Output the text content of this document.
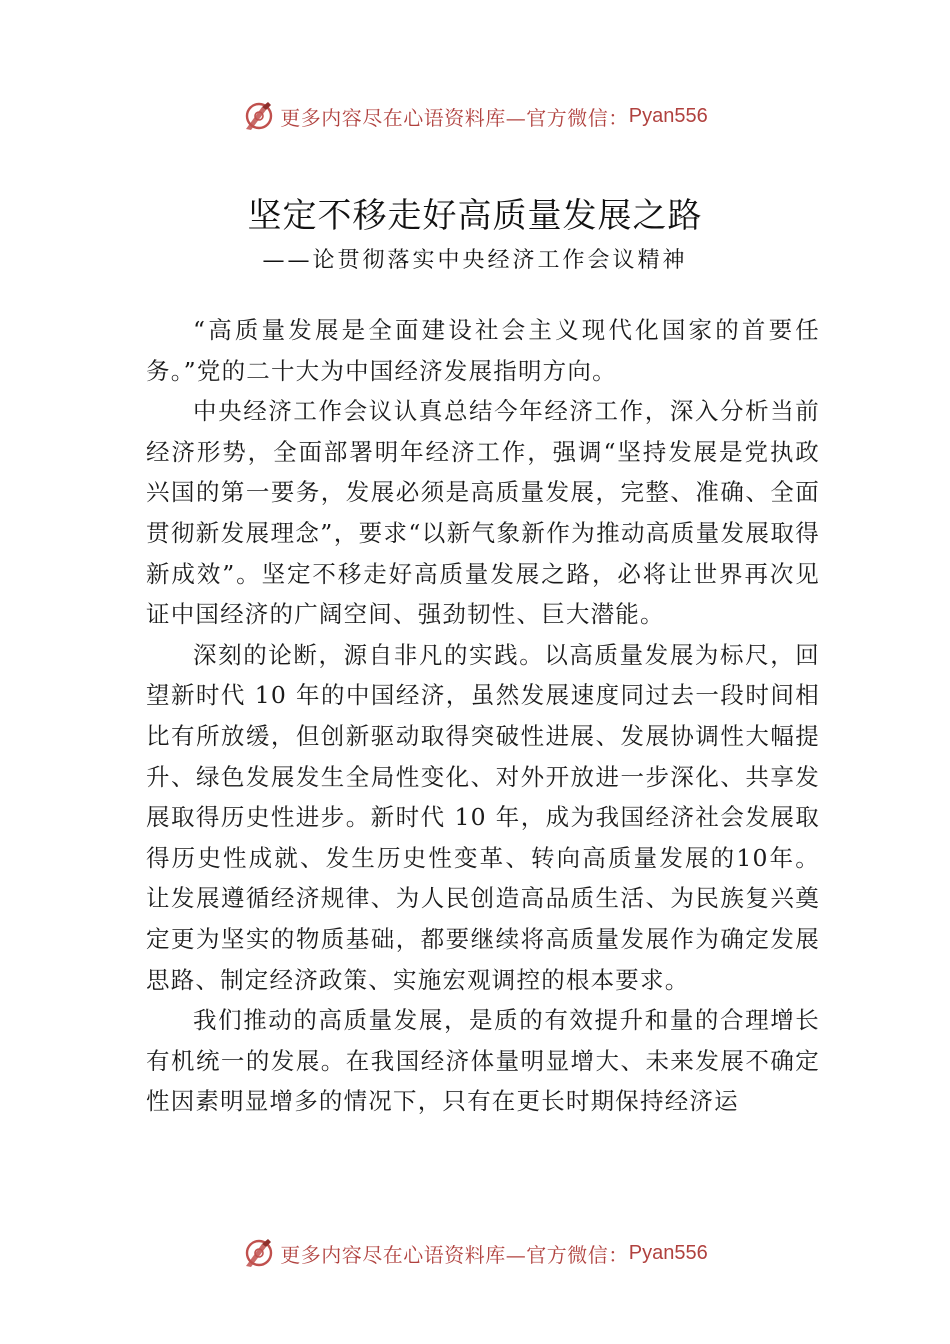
更多内容尽在心语资料库—官方微信： Pyan556
坚定不移走好高质量发展之路

——论贯彻落实中央经济工作会议精神

“高质量发展是全面建设社会主义现代化国家的首要任务。”党的二十大为中国经济发展指明方向。

中央经济工作会议认真总结今年经济工作，深入分析当前经济形势，全面部署明年经济工作，强调“坚持发展是党执政兴国的第一要务，发展必须是高质量发展，完整、准确、全面贯彻新发展理念”，要求“以新气象新作为推动高质量发展取得新成效”。坚定不移走好高质量发展之路，必将让世界再次见证中国经济的广阔空间、强劲韧性、巨大潜能。

深刻的论断，源自非凡的实践。以高质量发展为标尺，回望新时代 10 年的中国经济，虽然发展速度同过去一段时间相比有所放缓，但创新驱动取得突破性进展、发展协调性大幅提升、绿色发展发生全局性变化、对外开放进一步深化、共享发展取得历史性进步。新时代 10 年，成为我国经济社会发展取得历史性成就、发生历史性变革、转向高质量发展的10年。让发展遵循经济规律、为人民创造高品质生活、为民族复兴奠定更为坚实的物质基础，都要继续将高质量发展作为确定发展思路、制定经济政策、实施宏观调控的根本要求。

我们推动的高质量发展，是质的有效提升和量的合理增长有机统一的发展。在我国经济体量明显增大、未来发展不确定性因素明显增多的情况下，只有在更长时期保持经济运

更多内容尽在心语资料库—官方微信： Pyan556
